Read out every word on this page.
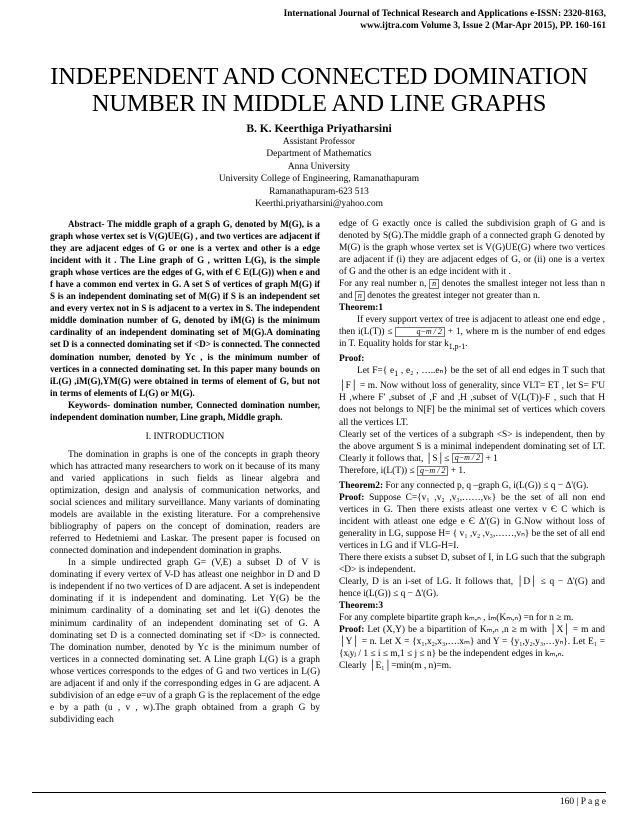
International Journal of Technical Research and Applications e-ISSN: 2320-8163,
www.ijtra.com Volume 3, Issue 2 (Mar-Apr 2015), PP. 160-161
INDEPENDENT AND CONNECTED DOMINATION NUMBER IN MIDDLE AND LINE GRAPHS
B. K. Keerthiga Priyatharsini
Assistant Professor
Department of Mathematics
Anna University
University College of Engineering, Ramanathapuram
Ramanathapuram-623 513
Keerthi.priyatharsini@yahoo.com

Abstract- The middle graph of a graph G, denoted by M(G), is a graph whose vertex set is V(G)UE(G) , and two vertices are adjacent if they are adjacent edges of G or one is a vertex and other is a edge incident with it . The Line graph of G , written L(G), is the simple graph whose vertices are the edges of G, with ef Є E(L(G)) when e and f have a common end vertex in G. A set S of vertices of graph M(G) if S is an independent dominating set of M(G) if S is an independent set and every vertex not in S is adjacent to a vertex in S. The independent middle domination number of G, denoted by iM(G) is the minimum cardinality of an independent dominating set of M(G).A dominating set D is a connected dominating set if <D> is connected. The connected domination number, denoted by Yc , is the minimum number of vertices in a connected dominating set. In this paper many bounds on iL(G) ,iM(G),YM(G) were obtained in terms of element of G, but not in terms of elements of L(G) or M(G).

Keywords- domination number, Connected domination number, independent domination number, Line graph, Middle graph.

I. INTRODUCTION

The domination in graphs is one of the concepts in graph theory which has attracted many researchers to work on it because of its many and varied applications in such fields as linear algebra and optimization, design and analysis of communication networks, and social sciences and military surveillance. Many variants of dominating models are available in the existing literature. For a comprehensive bibliography of papers on the concept of domination, readers are referred to Hedetniemi and Laskar. The present paper is focused on connected domination and independent domination in graphs.

In a simple undirected graph G= (V,E) a subset D of V is dominating if every vertex of V-D has atleast one neighbor in D and D is independent if no two vertices of D are adjacent. A set is independent dominating if it is independent and dominating. Let Y(G) be the minimum cardinality of a dominating set and let i(G) denotes the minimum cardinality of an independent dominating set of G. A dominating set D is a connected dominating set if <D> is connected. The domination number, denoted by Yc is the minimum number of vertices in a connected dominating set. A Line graph L(G) is a graph whose vertices corresponds to the edges of G and two vertices in L(G) are adjacent if and only if the corresponding edges in G are adjacent. A subdivision of an edge e=uv of a graph G is the replacement of the edge e by a path (u , v , w).The graph obtained from a graph G by subdividing each

edge of G exactly once is called the subdivision graph of G and is denoted by S(G).The middle graph of a connected graph G denoted by M(G) is the graph whose vertex set is V(G)UE(G) where two vertices are adjacent if (i) they are adjacent edges of G, or (ii) one is a vertex of G and the other is an edge incident with it .

For any real number n, n denotes the smallest integer not less than n and n denotes the greatest integer not greater than n.

Theorem:1

If every support vertex of tree is adjacent to atleast one end edge , then i(L(T)) ≤	q−m / 2 + 1, where m is the number of end edges in T. Equality holds for star $k_{1,p-1}$.

Proof:

Let F={ $e_1$ , e₂ , …..eₙ} be the set of all end edges in T such that │F│ = m. Now without loss of generality, since VLT= ET , let S= F'U H ,where F' ,subset of ,F and ,H ,subset of V(L(T))-F , such that H does not belongs to N[F] be the minimal set of vertices which covers all the vertices LT.

Clearly set of the vertices of a subgraph <S> is independent, then by the above argument S is a minimal independent dominating set of LT. Clearly it follows that, │S│≤ q−m / 2 + 1

Therefore, i(L(T)) ≤ q−m / 2 + 1.

Theorem2: For any connected p, q –graph G, i(L(G)) ≤ q − Δ'(G).

Proof: Suppose C={v₁ ,v₂ ,v₃,……,vₖ} be the set of all non end vertices in G. Then there exists atleast one vertex v Є C which is incident with atleast one edge e Є Δ'(G) in G.Now without loss of generality in LG, suppose H= { v₁ ,v₂ ,v₃,……,vₙ} be the set of all end vertices in LG and if VLG-H=I.

There there exists a subset D, subset of I, in LG such that the subgraph <D> is independent.

Clearly, D is an i-set of LG. It follows that, │D│ ≤ q − Δ'(G) and hence i(L(G)) ≤ q − Δ'(G).

Theorem:3

For any complete bipartite graph kₘ,ₙ , iₘ(Kₘ,ₙ) =n for n ≥ m.

Proof: Let (X,Y) be a bipartition of Kₘ,ₙ ,n ≥ m with │X│ = m and │Y│ = n. Let X = {x₁,x₂,x₃,….xₘ} and Y = {y₁,y₂,y₃,…yₙ}. Let E₁ = {xᵢyⱼ / 1 ≤ i ≤ m,1 ≤ j ≤ n} be the independent edges in kₘ,ₙ.

Clearly │E₁│=min(m , n)=m.

160 | P a g e
